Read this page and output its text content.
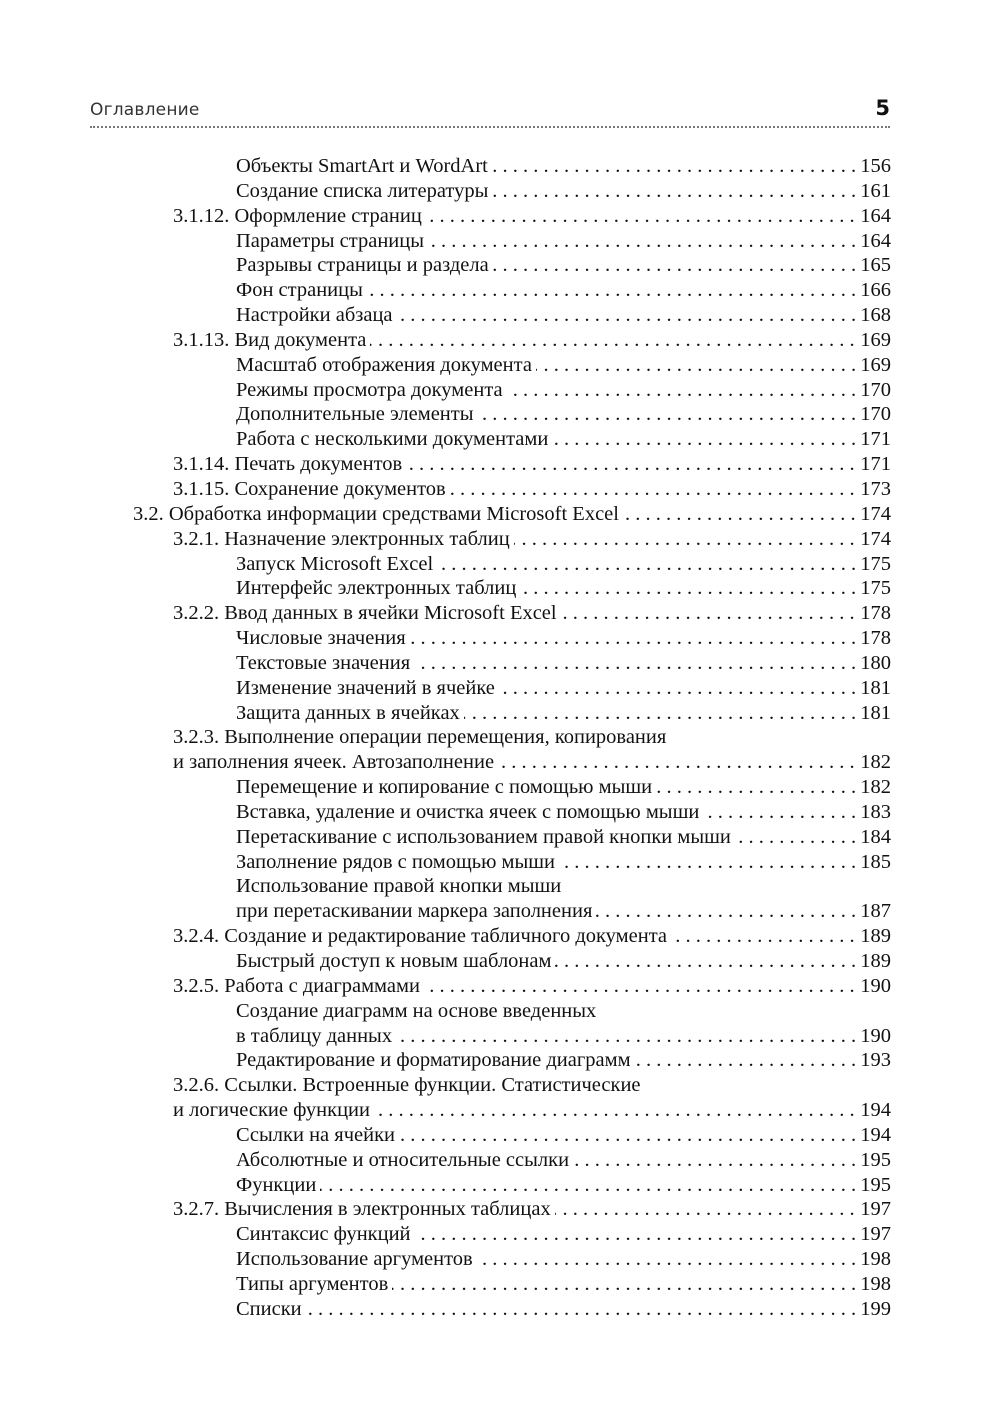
Оглавление	5
Объекты SmartArt и WordArt . . .	156
Создание списка литературы . . .	161
3.1.12. Оформление страниц . . .	164
Параметры страницы . . .	164
Разрывы страницы и раздела . . .	165
Фон страницы . . .	166
Настройки абзаца . . .	168
3.1.13. Вид документа . . .	169
Масштаб отображения документа . . .	169
Режимы просмотра документа . . .	170
Дополнительные элементы . . .	170
Работа с несколькими документами . . .	171
3.1.14. Печать документов . . .	171
3.1.15. Сохранение документов . . .	173
3.2. Обработка информации средствами Microsoft Excel . . .	174
3.2.1. Назначение электронных таблиц . . .	174
Запуск Microsoft Excel . . .	175
Интерфейс электронных таблиц . . .	175
3.2.2. Ввод данных в ячейки Microsoft Excel . . .	178
Числовые значения . . .	178
Текстовые значения . . .	180
Изменение значений в ячейке . . .	181
Защита данных в ячейках . . .	181
3.2.3. Выполнение операции перемещения, копирования
и заполнения ячеек. Автозаполнение . . .	182
Перемещение и копирование с помощью мыши . . .	182
Вставка, удаление и очистка ячеек с помощью мыши . . .	183
Перетаскивание с использованием правой кнопки мыши . . .	184
Заполнение рядов с помощью мыши . . .	185
Использование правой кнопки мыши
при перетаскивании маркера заполнения . . .	187
3.2.4. Создание и редактирование табличного документа . . .	189
Быстрый доступ к новым шаблонам . . .	189
3.2.5. Работа с диаграммами . . .	190
Создание диаграмм на основе введенных
в таблицу данных . . .	190
Редактирование и форматирование диаграмм . . .	193
3.2.6. Ссылки. Встроенные функции. Статистические
и логические функции . . .	194
Ссылки на ячейки . . .	194
Абсолютные и относительные ссылки . . .	195
Функции . . .	195
3.2.7. Вычисления в электронных таблицах . . .	197
Синтаксис функций . . .	197
Использование аргументов . . .	198
Типы аргументов . . .	198
Списки . . .	199
